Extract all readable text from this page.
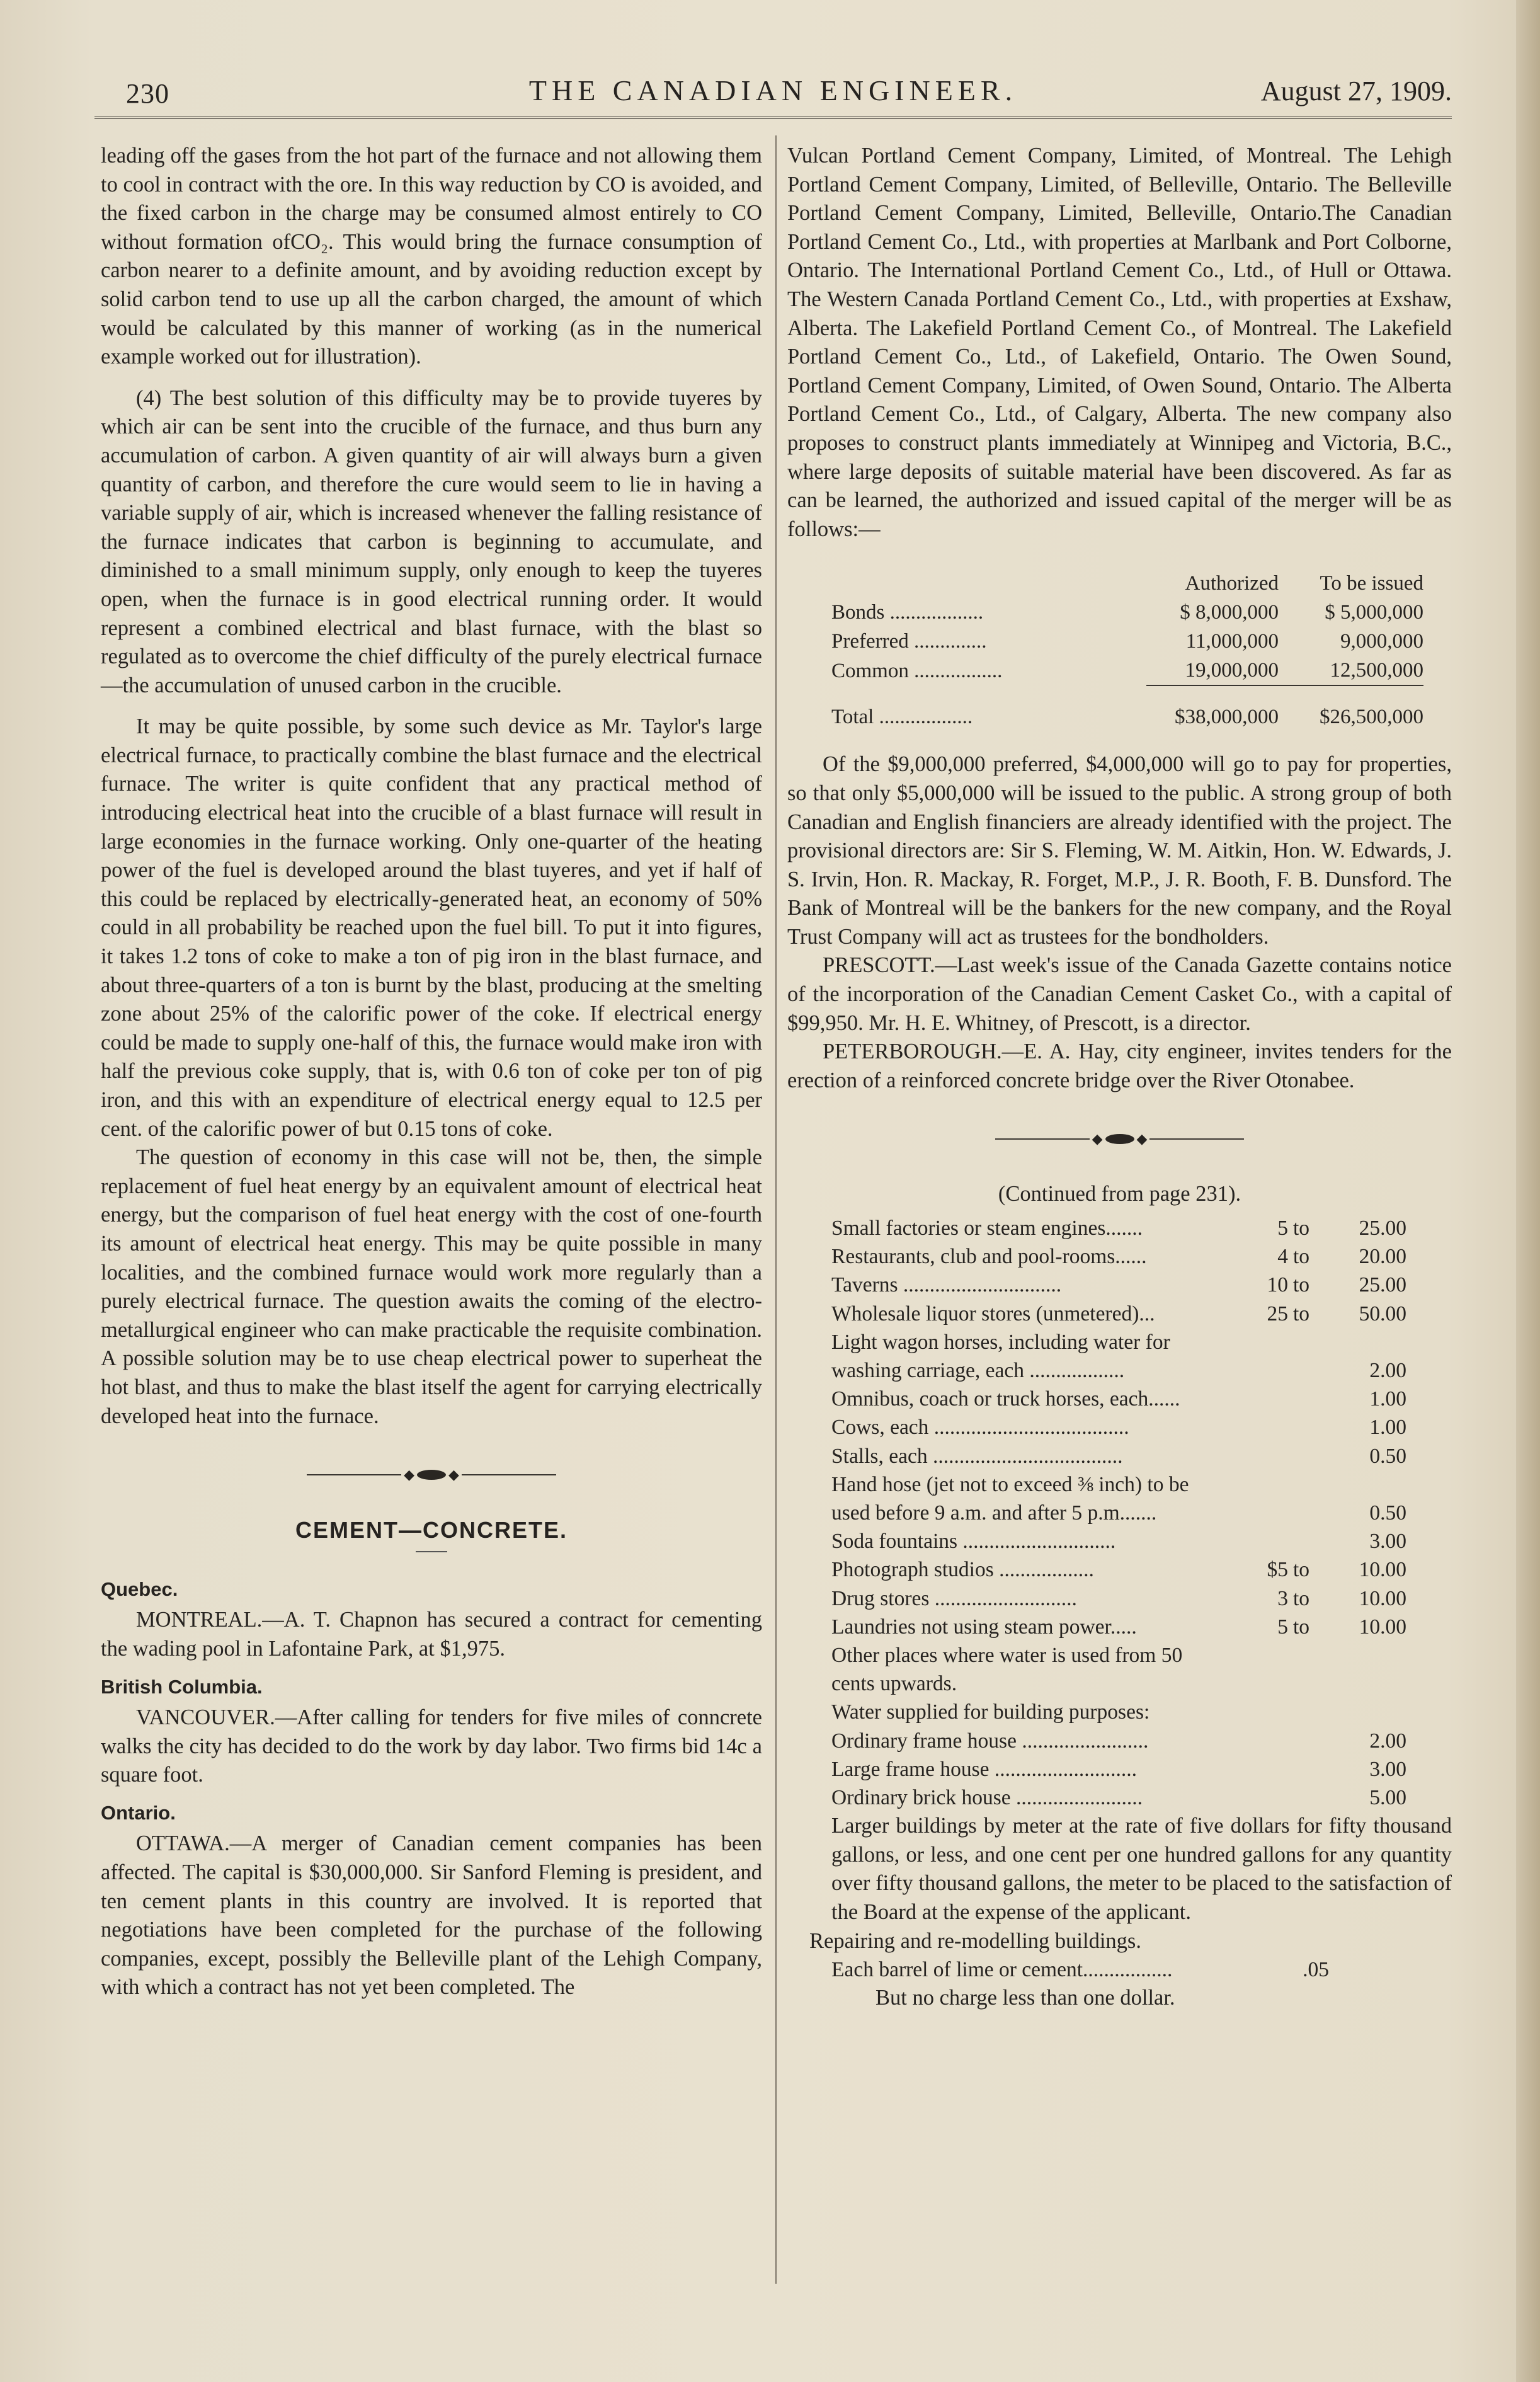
230	THE CANADIAN ENGINEER.	August 27, 1909.

leading off the gases from the hot part of the furnace and not allowing them to cool in contract with the ore. In this way reduction by CO is avoided, and the fixed carbon in the charge may be consumed almost entirely to CO without formation ofCO₂. This would bring the furnace consumption of carbon nearer to a definite amount, and by avoiding reduction except by solid carbon tend to use up all the carbon charged, the amount of which would be calculated by this manner of working (as in the numerical example worked out for illustration).

(4) The best solution of this difficulty may be to provide tuyeres by which air can be sent into the crucible of the furnace, and thus burn any accumulation of carbon. A given quantity of air will always burn a given quantity of carbon, and therefore the cure would seem to lie in having a variable supply of air, which is increased whenever the falling resistance of the furnace indicates that carbon is beginning to accumulate, and diminished to a small minimum supply, only enough to keep the tuyeres open, when the furnace is in good electrical running order. It would represent a combined electrical and blast furnace, with the blast so regulated as to overcome the chief difficulty of the purely electrical furnace—the accumulation of unused carbon in the crucible.

It may be quite possible, by some such device as Mr. Taylor's large electrical furnace, to practically combine the blast furnace and the electrical furnace. The writer is quite confident that any practical method of introducing electrical heat into the crucible of a blast furnace will result in large economies in the furnace working. Only one-quarter of the heating power of the fuel is developed around the blast tuyeres, and yet if half of this could be replaced by electrically-generated heat, an economy of 50% could in all probability be reached upon the fuel bill. To put it into figures, it takes 1.2 tons of coke to make a ton of pig iron in the blast furnace, and about three-quarters of a ton is burnt by the blast, producing at the smelting zone about 25% of the calorific power of the coke. If electrical energy could be made to supply one-half of this, the furnace would make iron with half the previous coke supply, that is, with 0.6 ton of coke per ton of pig iron, and this with an expenditure of electrical energy equal to 12.5 per cent. of the calorific power of but 0.15 tons of coke.

The question of economy in this case will not be, then, the simple replacement of fuel heat energy by an equivalent amount of electrical heat energy, but the comparison of fuel heat energy with the cost of one-fourth its amount of electrical heat energy. This may be quite possible in many localities, and the combined furnace would work more regularly than a purely electrical furnace. The question awaits the coming of the electro-metallurgical engineer who can make practicable the requisite combination. A possible solution may be to use cheap electrical power to superheat the hot blast, and thus to make the blast itself the agent for carrying electrically developed heat into the furnace.

◆ ◆
CEMENT—CONCRETE.
Quebec.

MONTREAL.—A. T. Chapnon has secured a contract for cementing the wading pool in Lafontaine Park, at $1,975.

British Columbia.

VANCOUVER.—After calling for tenders for five miles of conncrete walks the city has decided to do the work by day labor. Two firms bid 14c a square foot.

Ontario.

OTTAWA.—A merger of Canadian cement companies has been affected. The capital is $30,000,000. Sir Sanford Fleming is president, and ten cement plants in this country are involved. It is reported that negotiations have been completed for the purchase of the following companies, except, possibly the Belleville plant of the Lehigh Company, with which a contract has not yet been completed. The

Vulcan Portland Cement Company, Limited, of Montreal. The Lehigh Portland Cement Company, Limited, of Belleville, Ontario. The Belleville Portland Cement Company, Limited, Belleville, Ontario.The Canadian Portland Cement Co., Ltd., with properties at Marlbank and Port Colborne, Ontario. The International Portland Cement Co., Ltd., of Hull or Ottawa. The Western Canada Portland Cement Co., Ltd., with properties at Exshaw, Alberta. The Lakefield Portland Cement Co., of Montreal. The Lakefield Portland Cement Co., Ltd., of Lakefield, Ontario. The Owen Sound, Portland Cement Company, Limited, of Owen Sound, Ontario. The Alberta Portland Cement Co., Ltd., of Calgary, Alberta. The new company also proposes to construct plants immediately at Winnipeg and Victoria, B.C., where large deposits of suitable material have been discovered. As far as can be learned, the authorized and issued capital of the merger will be as follows:—

	Authorized	To be issued
Bonds ..................	$ 8,000,000	$ 5,000,000
Preferred ..............	11,000,000	9,000,000
Common .................	19,000,000	12,500,000

Total ..................	$38,000,000	$26,500,000

Of the $9,000,000 preferred, $4,000,000 will go to pay for properties, so that only $5,000,000 will be issued to the public. A strong group of both Canadian and English financiers are already identified with the project. The provisional directors are: Sir S. Fleming, W. M. Aitkin, Hon. W. Edwards, J. S. Irvin, Hon. R. Mackay, R. Forget, M.P., J. R. Booth, F. B. Dunsford. The Bank of Montreal will be the bankers for the new company, and the Royal Trust Company will act as trustees for the bondholders.

PRESCOTT.—Last week's issue of the Canada Gazette contains notice of the incorporation of the Canadian Cement Casket Co., with a capital of $99,950. Mr. H. E. Whitney, of Prescott, is a director.

PETERBOROUGH.—E. A. Hay, city engineer, invites tenders for the erection of a reinforced concrete bridge over the River Otonabee.

◆ ◆
(Continued from page 231).
Small factories or steam engines.......	5	to	25.00
Restaurants, club and pool-rooms......	4	to	20.00
Taverns ..............................	10	to	25.00
Wholesale liquor stores (unmetered)...	25	to	50.00
Light wagon horses, including water for			
washing carriage, each ..................			2.00
Omnibus, coach or truck horses, each......			1.00
Cows, each .....................................			1.00
Stalls, each ....................................			0.50
Hand hose (jet not to exceed ⅜ inch) to be			
used before 9 a.m. and after 5 p.m.......			0.50
Soda fountains .............................			3.00
Photograph studios ..................	$5	to	10.00
Drug stores ...........................	3	to	10.00
Laundries not using steam power.....	5	to	10.00
Other places where water is used from 50			
cents upwards.			
Water supplied for building purposes:			
Ordinary frame house ........................			2.00
Large frame house ...........................			3.00
Ordinary brick house ........................			5.00

Larger buildings by meter at the rate of five dollars for fifty thousand gallons, or less, and one cent per one hundred gallons for any quantity over fifty thousand gallons, the meter to be placed to the satisfaction of the Board at the expense of the applicant.

Repairing and re-modelling buildings.

Each barrel of lime or cement.................	.05

But no charge less than one dollar.
